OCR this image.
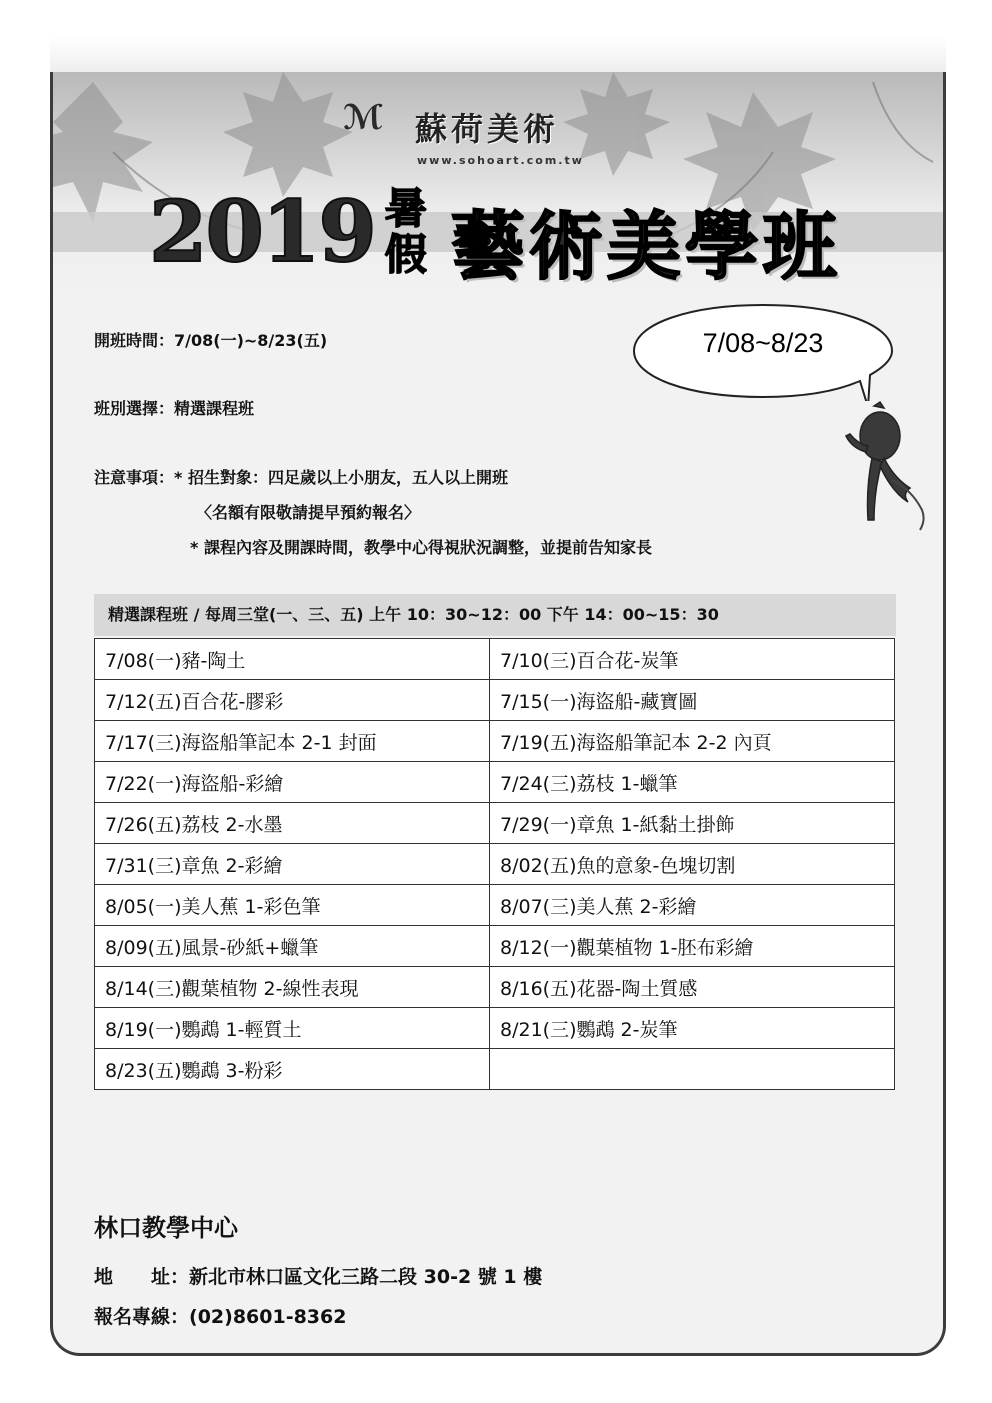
ℳ 蘇荷美術
www.sohoart.com.tw
2019 暑
假 藝術美學班
開班時間：7/08(一)~8/23(五)
班別選擇：精選課程班
注意事項：* 招生對象：四足歲以上小朋友，五人以上開班
〈名額有限敬請提早預約報名〉
* 課程內容及開課時間，教學中心得視狀況調整，並提前告知家長
7/08~8/23
精選課程班 / 每周三堂(一、三、五) 上午 10：30~12：00 下午 14：00~15：30
7/08(一)豬-陶土	7/10(三)百合花-炭筆
7/12(五)百合花-膠彩	7/15(一)海盜船-藏寶圖
7/17(三)海盜船筆記本 2-1 封面	7/19(五)海盜船筆記本 2-2 內頁
7/22(一)海盜船-彩繪	7/24(三)荔枝 1-蠟筆
7/26(五)荔枝 2-水墨	7/29(一)章魚 1-紙黏土掛飾
7/31(三)章魚 2-彩繪	8/02(五)魚的意象-色塊切割
8/05(一)美人蕉 1-彩色筆	8/07(三)美人蕉 2-彩繪
8/09(五)風景-砂紙+蠟筆	8/12(一)觀葉植物 1-胚布彩繪
8/14(三)觀葉植物 2-線性表現	8/16(五)花器-陶土質感
8/19(一)鸚鵡 1-輕質土	8/21(三)鸚鵡 2-炭筆
8/23(五)鸚鵡 3-粉彩	
林口教學中心
地　　址：新北市林口區文化三路二段 30-2 號 1 樓
報名專線：(02)8601-8362
